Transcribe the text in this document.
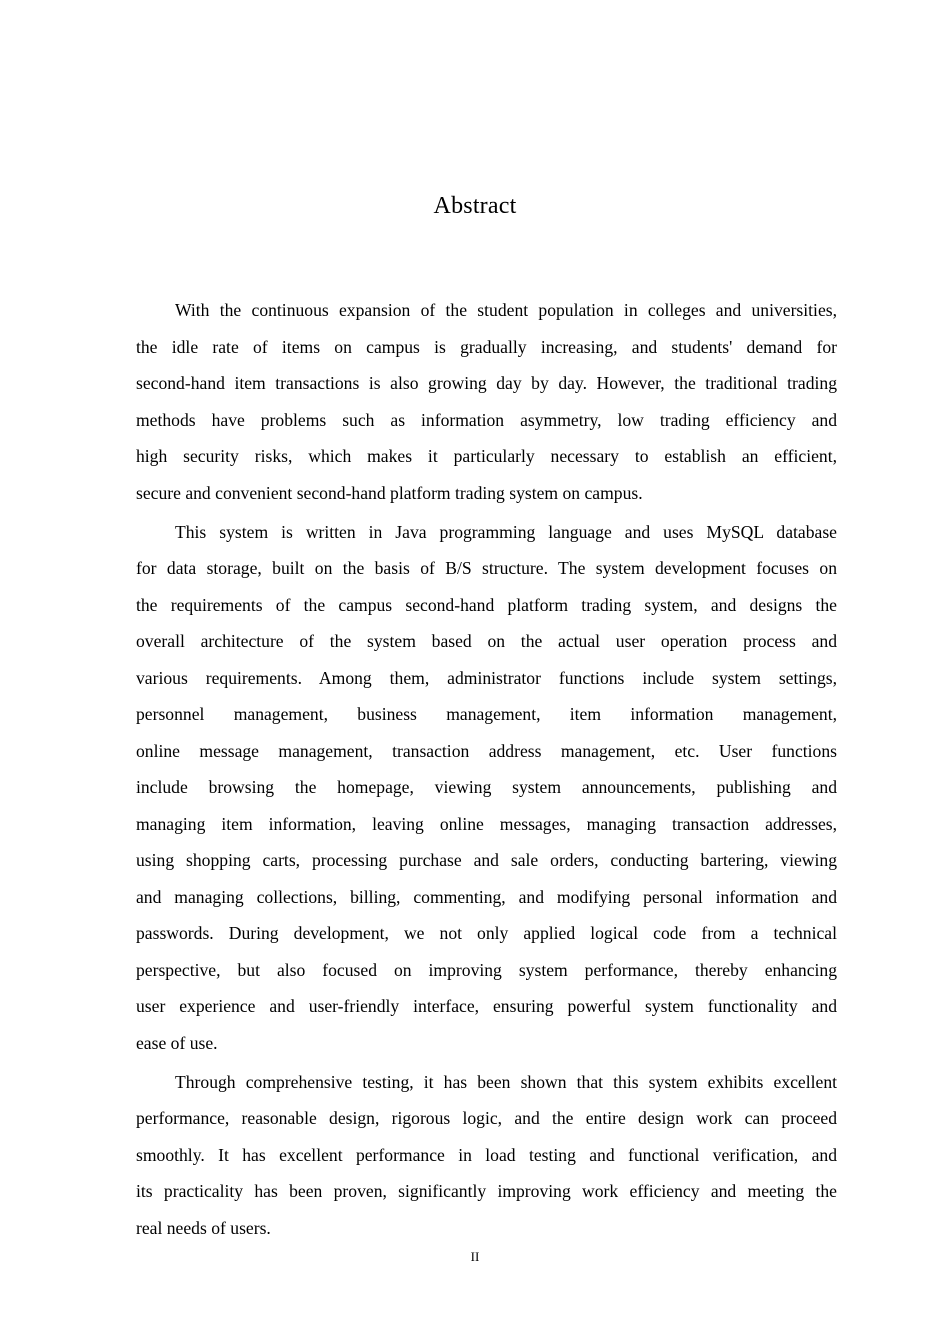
Abstract
With the continuous expansion of the student population in colleges and universities,
the idle rate of items on campus is gradually increasing, and students' demand for
second-hand item transactions is also growing day by day. However, the traditional trading
methods have problems such as information asymmetry, low trading efficiency and
high security risks, which makes it particularly necessary to establish an efficient,
secure and convenient second-hand platform trading system on campus.
This system is written in Java programming language and uses MySQL database
for data storage, built on the basis of B/S structure. The system development focuses on
the requirements of the campus second-hand platform trading system, and designs the
overall architecture of the system based on the actual user operation process and
various requirements. Among them, administrator functions include system settings,
personnel management, business management, item information management,
online message management, transaction address management, etc. User functions
include browsing the homepage, viewing system announcements, publishing and
managing item information, leaving online messages, managing transaction addresses,
using shopping carts, processing purchase and sale orders, conducting bartering, viewing
and managing collections, billing, commenting, and modifying personal information and
passwords. During development, we not only applied logical code from a technical
perspective, but also focused on improving system performance, thereby enhancing
user experience and user-friendly interface, ensuring powerful system functionality and
ease of use.
Through comprehensive testing, it has been shown that this system exhibits excellent
performance, reasonable design, rigorous logic, and the entire design work can proceed
smoothly. It has excellent performance in load testing and functional verification, and
its practicality has been proven, significantly improving work efficiency and meeting the
real needs of users.
II
